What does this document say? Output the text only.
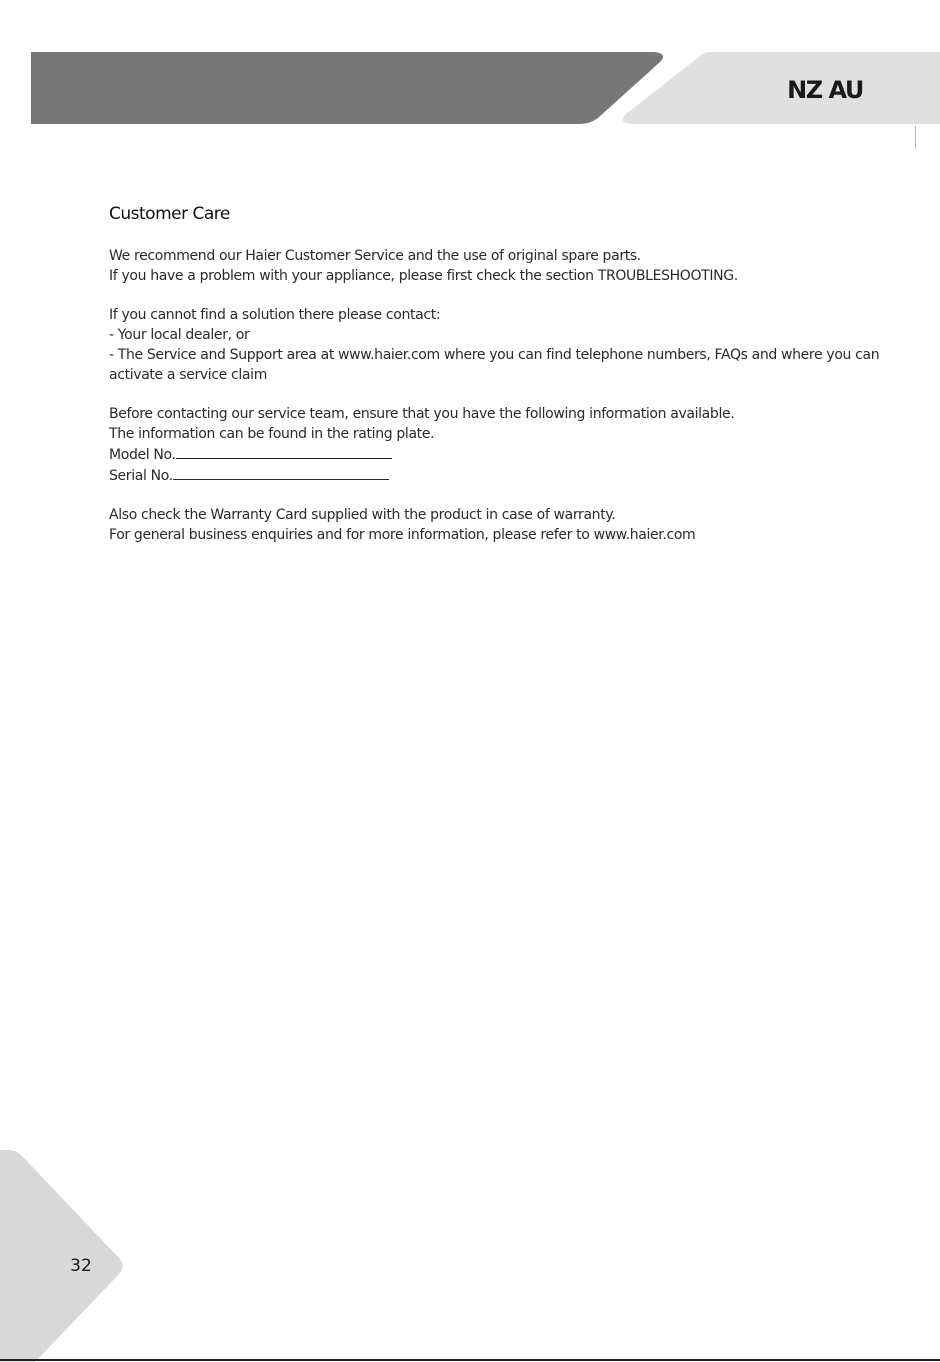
NZ AU
Customer Care

We recommend our Haier Customer Service and the use of original spare parts.
If you have a problem with your appliance, please first check the section TROUBLESHOOTING.

If you cannot find a solution there please contact:
- Your local dealer, or
- The Service and Support area at www.haier.com where you can find telephone numbers, FAQs and where you can activate a service claim

Before contacting our service team, ensure that you have the following information available.
The information can be found in the rating plate.
Model No.
Serial No.

Also check the Warranty Card supplied with the product in case of warranty.
For general business enquiries and for more information, please refer to www.haier.com

32
